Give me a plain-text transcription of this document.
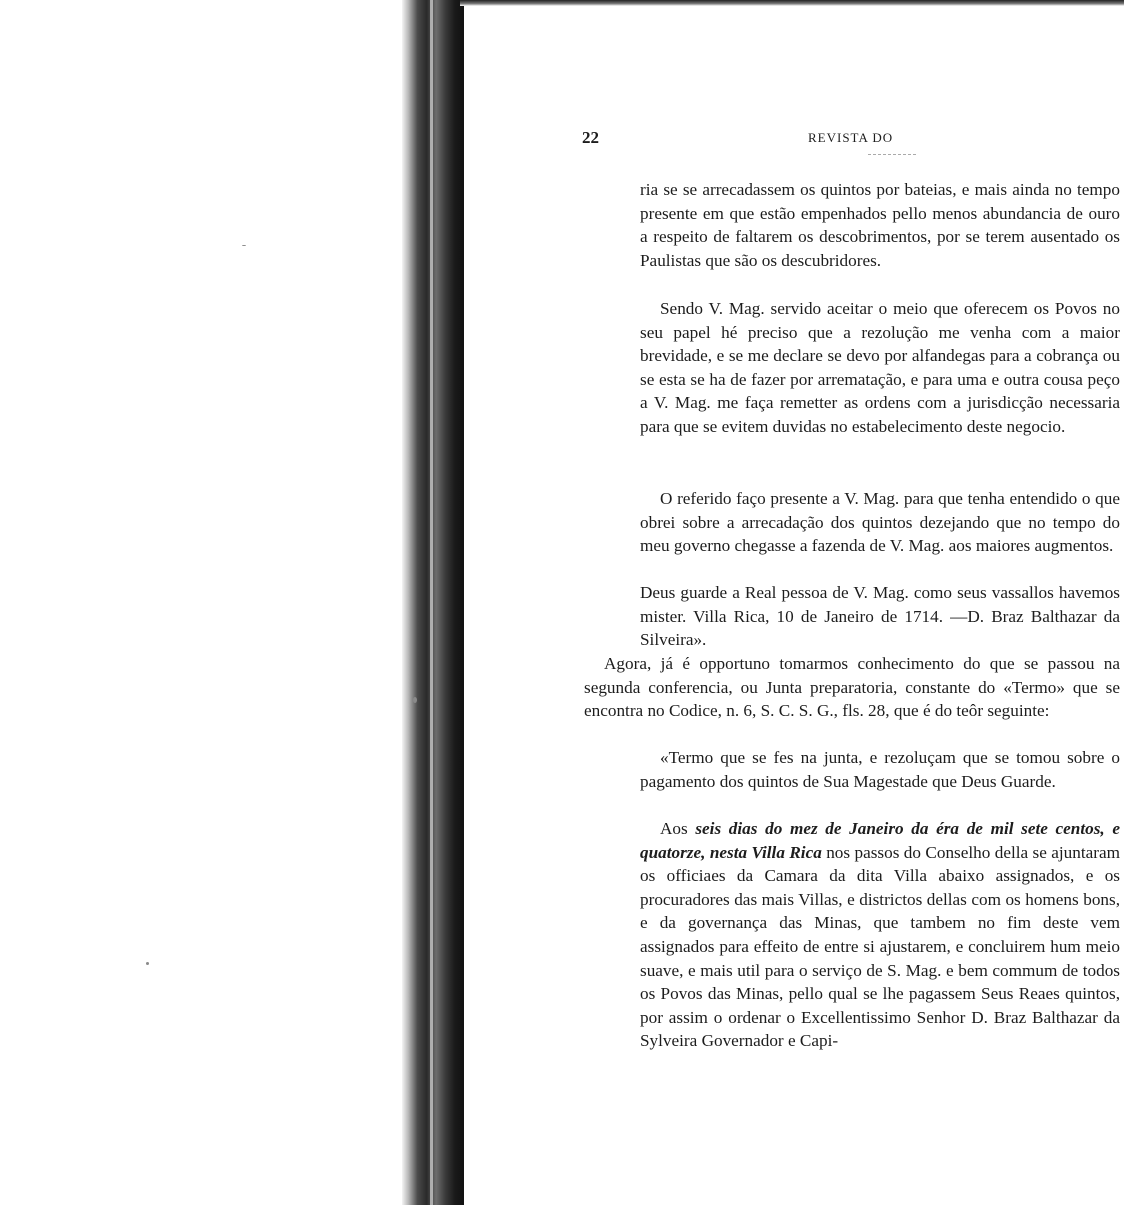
22	REVISTA DO

ria se se arrecadassem os quintos por bateias, e mais ainda no tempo presente em que estão empenhados pello menos abundancia de ouro a respeito de faltarem os descobrimentos, por se terem ausentado os Paulistas que são os descubridores.

Sendo V. Mag. servido aceitar o meio que oferecem os Povos no seu papel hé preciso que a rezolução me venha com a maior brevidade, e se me declare se devo por alfandegas para a cobrança ou se esta se ha de fazer por arrematação, e para uma e outra cousa peço a V. Mag. me faça remetter as ordens com a jurisdicção necessaria para que se evitem duvidas no estabelecimento deste negocio.

O referido faço presente a V. Mag. para que tenha entendido o que obrei sobre a arrecadação dos quintos dezejando que no tempo do meu governo chegasse a fazenda de V. Mag. aos maiores augmentos.

Deus guarde a Real pessoa de V. Mag. como seus vassallos havemos mister. Villa Rica, 10 de Janeiro de 1714. —D. Braz Balthazar da Silveira».

Agora, já é opportuno tomarmos conhecimento do que se passou na segunda conferencia, ou Junta preparatoria, constante do «Termo» que se encontra no Codice, n. 6, S. C. S. G., fls. 28, que é do teôr seguinte:

«Termo que se fes na junta, e rezoluçam que se tomou sobre o pagamento dos quintos de Sua Magestade que Deus Guarde.

Aos seis dias do mez de Janeiro da éra de mil sete centos, e quatorze, nesta Villa Rica nos passos do Conselho della se ajuntaram os officiaes da Camara da dita Villa abaixo assignados, e os procuradores das mais Villas, e districtos dellas com os homens bons, e da governança das Minas, que tambem no fim deste vem assignados para effeito de entre si ajustarem, e concluirem hum meio suave, e mais util para o serviço de S. Mag. e bem commum de todos os Povos das Minas, pello qual se lhe pagassem Seus Reaes quintos, por assim o ordenar o Excellentissimo Senhor D. Braz Balthazar da Sylveira Governador e Capi-
